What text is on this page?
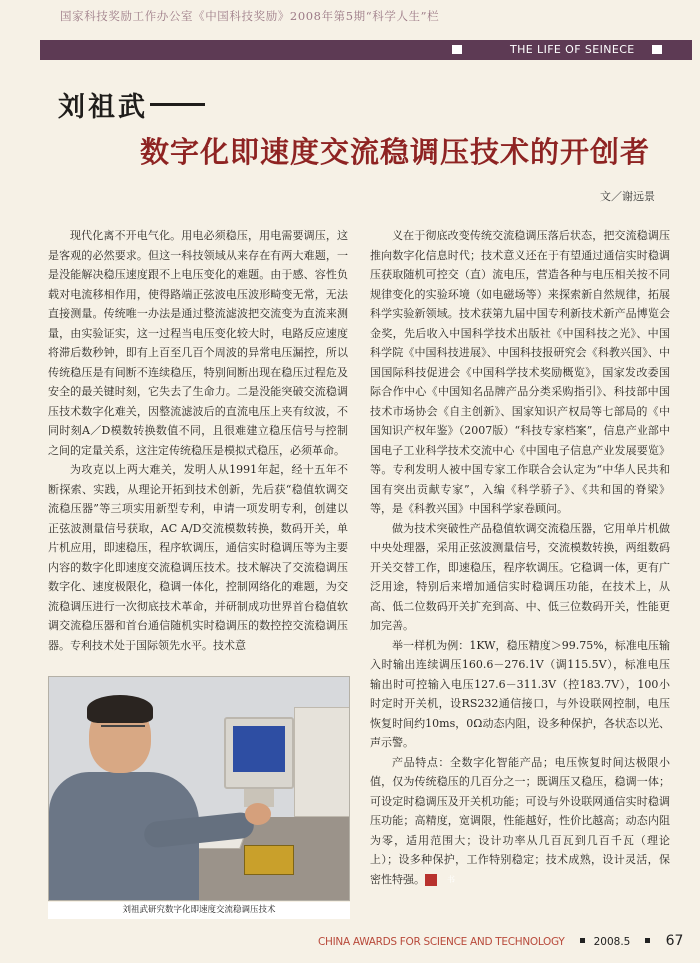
国家科技奖励工作办公室《中国科技奖励》2008年第5期“科学人生”栏
THE LIFE OF SEINECE
刘祖武
数字化即速度交流稳调压技术的开创者
文／谢远景

现代化离不开电气化。用电必须稳压，用电需要调压，这是客观的必然要求。但这一科技领域从来存在有两大难题，一是没能解决稳压速度跟不上电压变化的难题。由于感、容性负载对电流移相作用，使得路端正弦波电压波形畸变无常，无法直接测量。传统唯一办法是通过整流滤波把交流变为直流来测量，由实验证实，这一过程当电压变化较大时，电路反应速度将滞后数秒钟，即有上百至几百个周波的异常电压漏控，所以传统稳压是有间断不连续稳压，特别间断出现在稳压过程危及安全的最关键时刻，它失去了生命力。二是没能突破交流稳调压技术数字化难关，因整流滤波后的直流电压上夹有纹波，不同时刻A／D模数转换数值不同，且很难建立稳压信号与控制之间的定量关系，这注定传统稳压是模拟式稳压，必须革命。

为攻克以上两大难关，发明人从1991年起，经十五年不断探索、实践，从理论开拓到技术创新，先后获“稳值软调交流稳压器”等三项实用新型专利，申请一项发明专利，创建以正弦波测量信号获取，AC A/D交流模数转换，数码开关，单片机应用，即速稳压，程序软调压，通信实时稳调压等为主要内容的数字化即速度交流稳调压技术。技术解决了交流稳调压数字化、速度极限化，稳调一体化，控制网络化的难题，为交流稳调压进行一次彻底技术革命，并研制成功世界首台稳值软调交流稳压器和首台通信随机实时稳调压的数控控交流稳调压器。专利技术处于国际领先水平。技术意

义在于彻底改变传统交流稳调压落后状态，把交流稳调压推向数字化信息时代；技术意义还在于有望通过通信实时稳调压获取随机可控交（直）流电压，营造各种与电压相关按不同规律变化的实验环境（如电磁场等）来探索新自然规律，拓展科学实验新领域。技术获第九届中国专利新技术新产品博览会金奖，先后收入中国科学技术出版社《中国科技之光》、中国科学院《中国科技进展》、中国科技报研究会《科教兴国》、中国国际科技促进会《中国科学技术奖励概览》，国家发改委国际合作中心《中国知名品牌产品分类采购指引》、科技部中国技术市场协会《自主创新》、国家知识产权局等七部局的《中国知识产权年鉴》（2007版）“科技专家档案”，信息产业部中国电子工业科学技术交流中心《中国电子信息产业发展要览》等。专利发明人被中国专家工作联合会认定为“中华人民共和国有突出贡献专家”，入编《科学骄子》、《共和国的脊梁》等，是《科教兴国》中国科学家卷顾问。

做为技术突破性产品稳值软调交流稳压器，它用单片机做中央处理器，采用正弦波测量信号，交流模数转换，两组数码开关交替工作，即速稳压，程序软调压。它稳调一体，更有广泛用途，特别后来增加通信实时稳调压功能，在技术上，从高、低二位数码开关扩充到高、中、低三位数码开关，性能更加完善。

举一样机为例：1KW，稳压精度＞99.75%，标准电压输入时输出连续调压160.6－276.1V（调115.5V），标准电压输出时可控输入电压127.6－311.3V（控183.7V），100小时定时开关机，设RS232通信接口，与外设联网控制，电压恢复时间约10ms，0Ω动态内阻，设多种保护，各状态以光、声示警。

产品特点：全数字化智能产品；电压恢复时间达极限小值，仅为传统稳压的几百分之一；既调压又稳压，稳调一体；可设定时稳调压及开关机功能；可设与外设联网通信实时稳调压功能；高精度，宽调限，性能越好，性价比越高；动态内阻为零，适用范围大；设计功率从几百瓦到几百千瓦（理论上）；设多种保护，工作特别稳定；技术成熟，设计灵活，保密性特强。	书

刘祖武研究数字化即速度交流稳调压技术
CHINA AWARDS FOR SCIENCE AND TECHNOLOGY	2008.5	67
